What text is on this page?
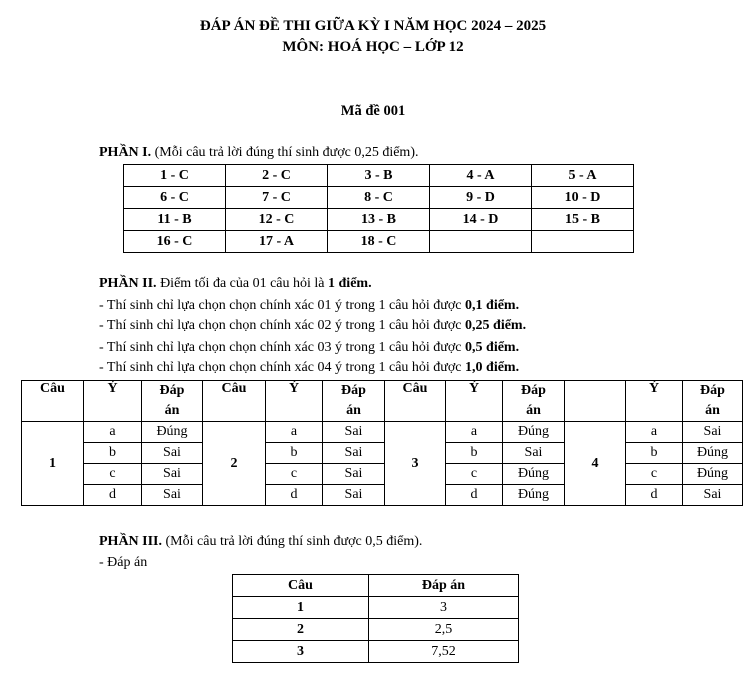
ĐÁP ÁN ĐỀ THI GIỮA KỲ I NĂM HỌC 2024 – 2025
MÔN: HOÁ HỌC – LỚP 12
Mã đề 001
PHẦN I. (Mỗi câu trả lời đúng thí sinh được 0,25 điểm).
1 - C	2 - C	3 - B	4 - A	5 - A
6 - C	7 - C	8 - C	9 - D	10 - D
11 - B	12 - C	13 - B	14 - D	15 - B
16 - C	17 - A	18 - C		
PHẦN II. Điểm tối đa của 01 câu hỏi là 1 điểm.
- Thí sinh chỉ lựa chọn chọn chính xác 01 ý trong 1 câu hỏi được 0,1 điểm.
- Thí sinh chỉ lựa chọn chọn chính xác 02 ý trong 1 câu hỏi được 0,25 điểm.
- Thí sinh chỉ lựa chọn chọn chính xác 03 ý trong 1 câu hỏi được 0,5 điểm.
- Thí sinh chỉ lựa chọn chọn chính xác 04 ý trong 1 câu hỏi được 1,0 điểm.
Câu	Ý	Đáp	Câu	Ý	Đáp	Câu	Ý	Đáp		Ý	Đáp
		án			án			án			án
1	a	Đúng	2	a	Sai	3	a	Đúng	4	a	Sai
	b	Sai		b	Sai		b	Sai		b	Đúng
	c	Sai		c	Sai		c	Đúng		c	Đúng
	d	Sai		d	Sai		d	Đúng		d	Sai
PHẦN III. (Mỗi câu trả lời đúng thí sinh được 0,5 điểm).
- Đáp án
Câu	Đáp án
1	3
2	2,5
3	7,52
